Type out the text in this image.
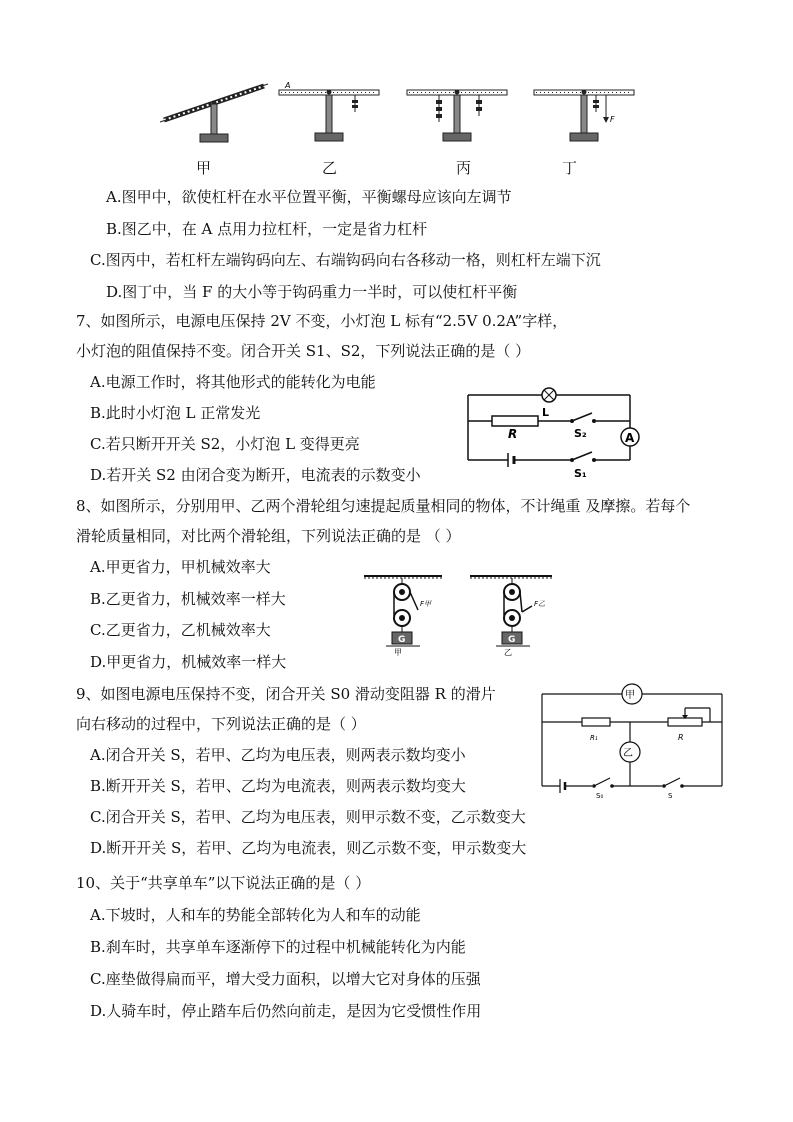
A
F
甲	乙	丙	丁
A.图甲中，欲使杠杆在水平位置平衡，平衡螺母应该向左调节
B.图乙中，在 A 点用力拉杠杆，一定是省力杠杆
C.图丙中，若杠杆左端钩码向左、右端钩码向右各移动一格，则杠杆左端下沉
D.图丁中，当 F 的大小等于钩码重力一半时，可以使杠杆平衡
7、如图所示，电源电压保持 2V 不变，小灯泡 L 标有“2.5V 0.2A”字样，
小灯泡的阻值保持不变。闭合开关 S1、S2，下列说法正确的是（ ）
A.电源工作时，将其他形式的能转化为电能
B.此时小灯泡 L 正常发光
C.若只断开开关 S2，小灯泡 L 变得更亮
D.若开关 S2 由闭合变为断开，电流表的示数变小
L
R	S₂	A
S₁
8、如图所示，分别用甲、乙两个滑轮组匀速提起质量相同的物体，不计绳重 及摩擦。若每个
滑轮质量相同，对比两个滑轮组，下列说法正确的是 （ ）
A.甲更省力，甲机械效率大
B.乙更省力，机械效率一样大
C.乙更省力，乙机械效率大
D.甲更省力，机械效率一样大
G
F甲
甲
G
F乙
乙
9、如图电源电压保持不变，闭合开关 S0 滑动变阻器 R 的滑片
向右移动的过程中，下列说法正确的是（ ）
A.闭合开关 S，若甲、乙均为电压表，则两表示数均变小
B.断开开关 S，若甲、乙均为电流表，则两表示数均变大
C.闭合开关 S，若甲、乙均为电压表，则甲示数不变，乙示数变大
D.断开开关 S，若甲、乙均为电流表，则乙示数不变，甲示数变大
甲
R₁	R
乙
S₀	S
10、关于“共享单车”以下说法正确的是（ ）
A.下坡时，人和车的势能全部转化为人和车的动能
B.刹车时，共享单车逐渐停下的过程中机械能转化为内能
C.座垫做得扁而平，增大受力面积，以增大它对身体的压强
D.人骑车时，停止踏车后仍然向前走，是因为它受惯性作用
